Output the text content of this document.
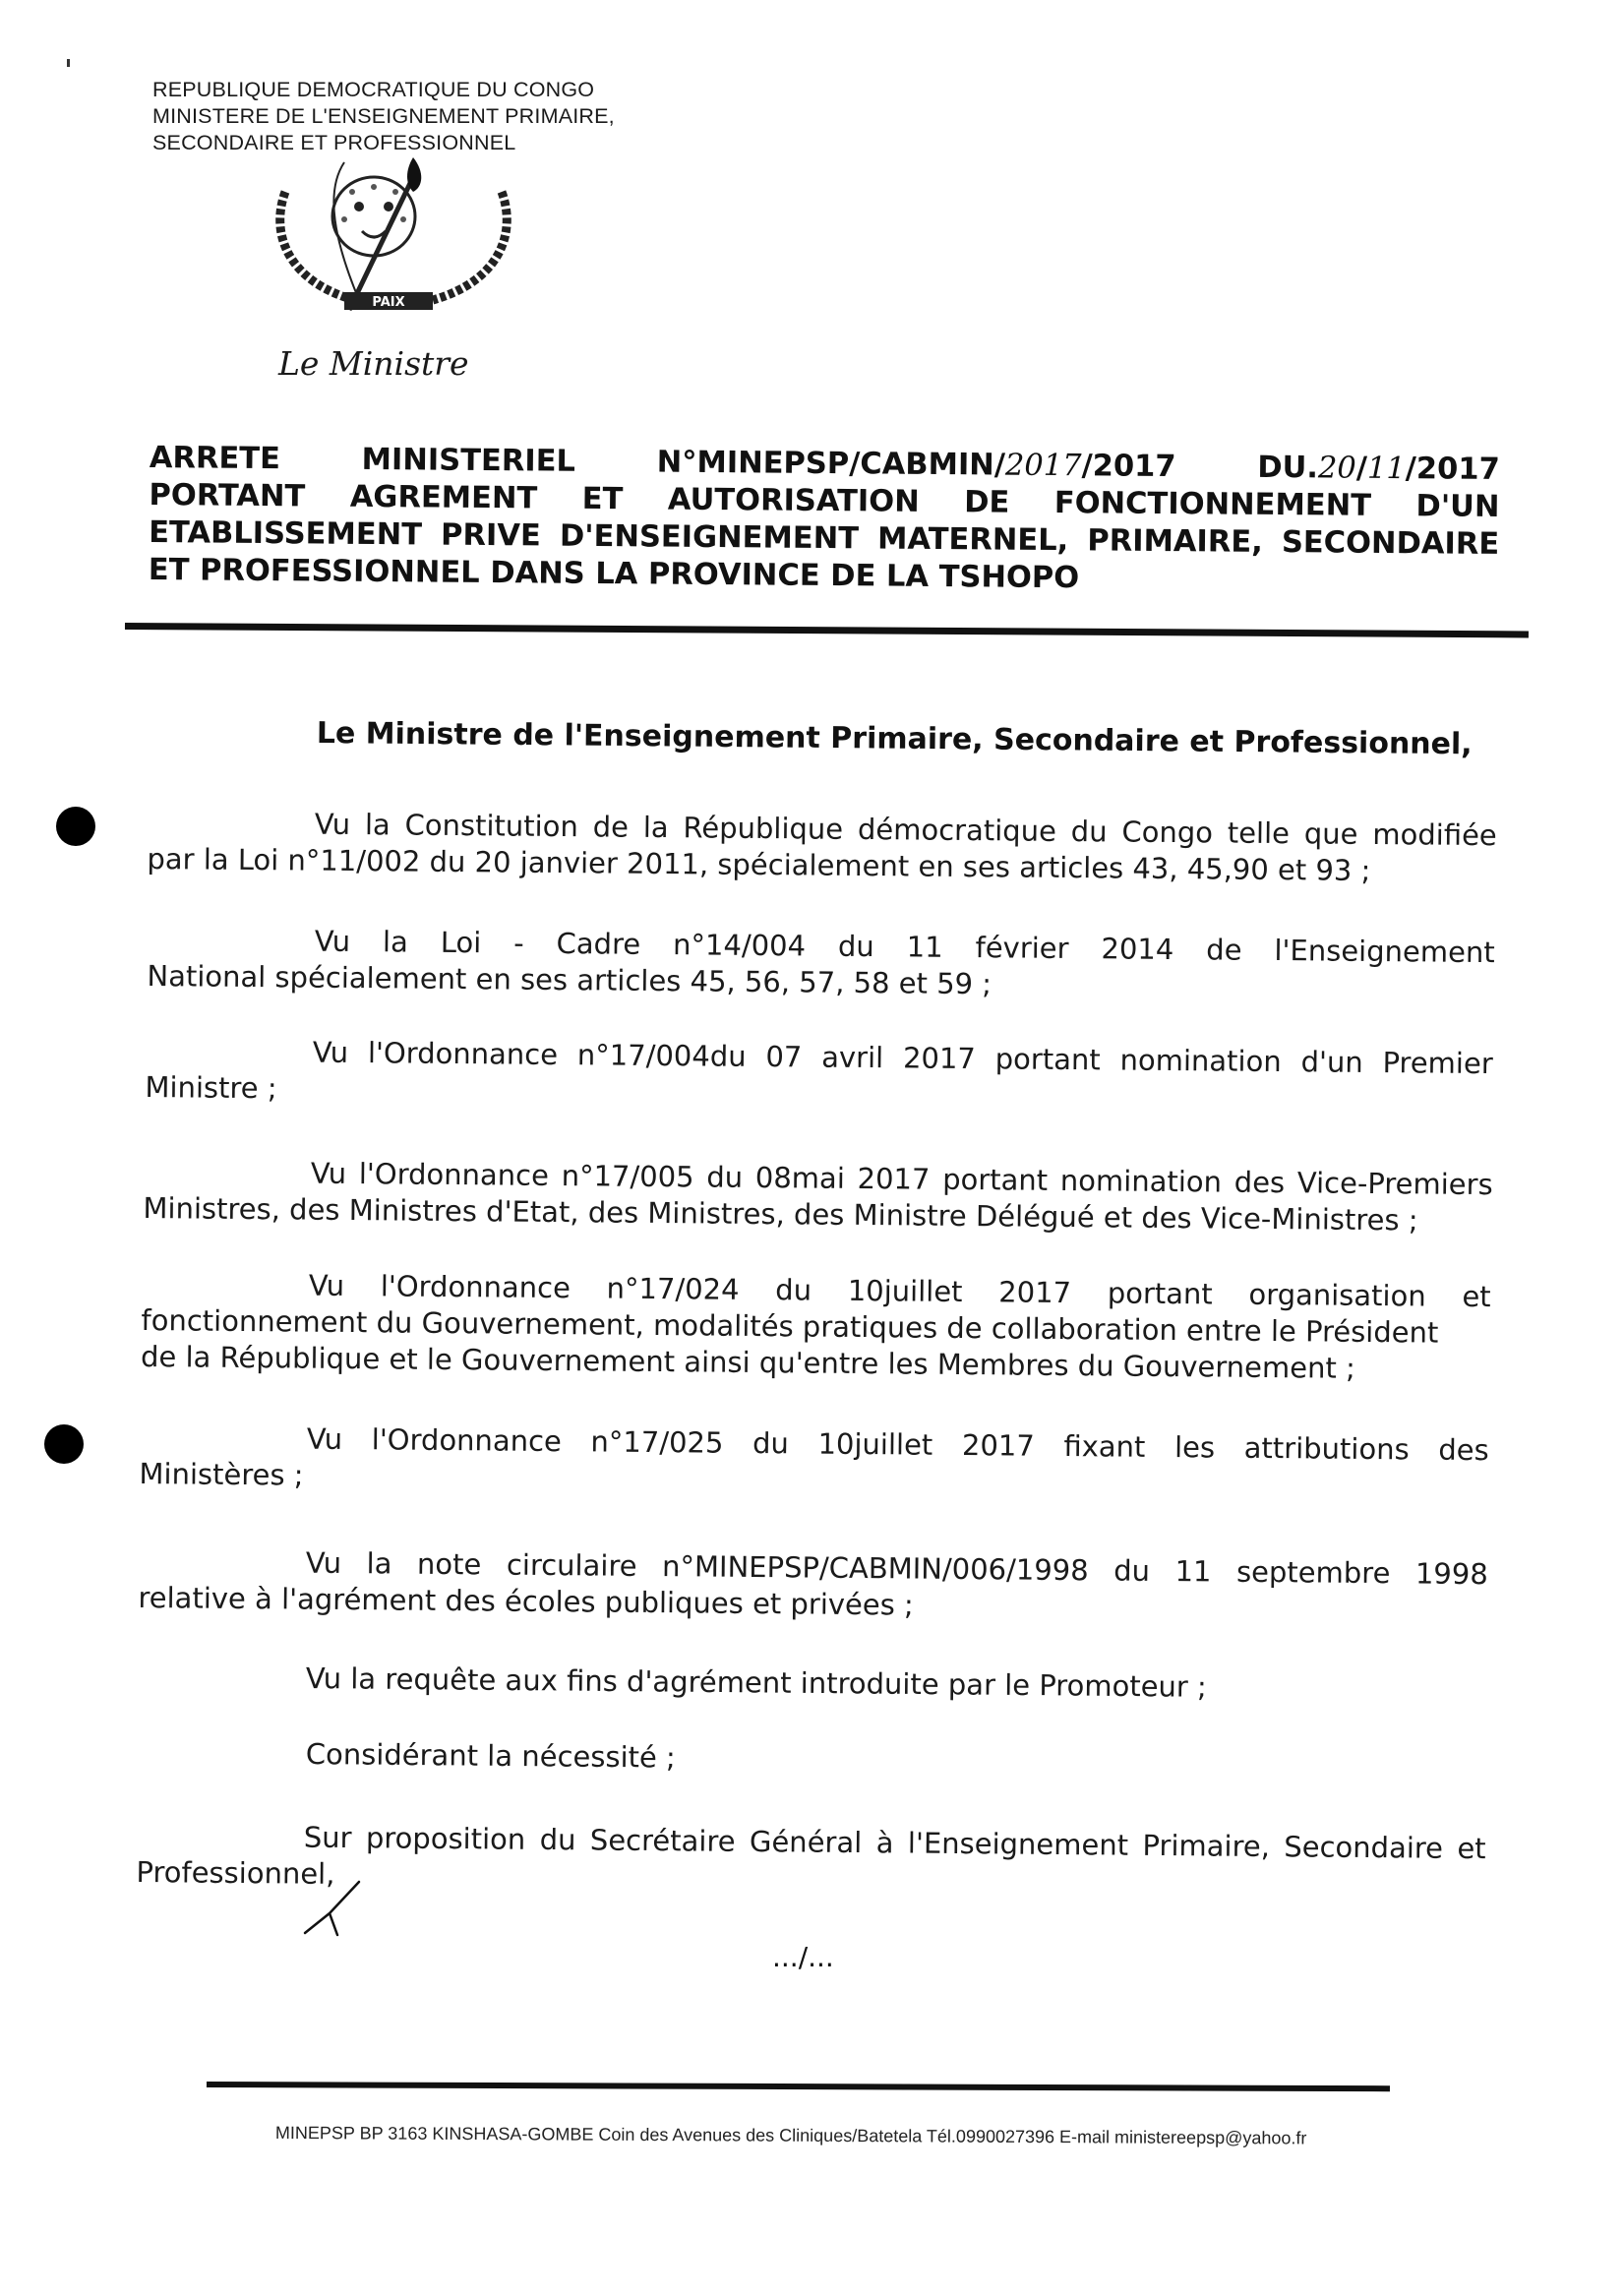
REPUBLIQUE DEMOCRATIQUE DU CONGO
MINISTERE DE L'ENSEIGNEMENT PRIMAIRE,
SECONDAIRE ET PROFESSIONNEL
PAIX
Le Ministre
ARRETE	MINISTERIEL	N°MINEPSP/CABMIN/2017/2017	DU.20/11/2017
PORTANT AGREMENT ET AUTORISATION DE FONCTIONNEMENT D'UN
ETABLISSEMENT PRIVE D'ENSEIGNEMENT MATERNEL, PRIMAIRE, SECONDAIRE
ET PROFESSIONNEL DANS LA PROVINCE DE LA TSHOPO
Le Ministre de l'Enseignement Primaire, Secondaire et Professionnel,
Vu la Constitution de la République démocratique du Congo telle que modifiée
par la Loi n°11/002 du 20 janvier 2011, spécialement en ses articles 43, 45,90 et 93 ;
Vu la Loi - Cadre n°14/004 du 11 février 2014 de l'Enseignement
National spécialement en ses articles 45, 56, 57, 58 et 59 ;
Vu l'Ordonnance n°17/004du 07 avril 2017 portant nomination d'un Premier
Ministre ;
Vu l'Ordonnance n°17/005 du 08mai 2017 portant nomination des Vice-Premiers
Ministres, des Ministres d'Etat, des Ministres, des Ministre Délégué et des Vice-Ministres ;
Vu l'Ordonnance n°17/024 du 10juillet 2017 portant organisation et
fonctionnement du Gouvernement, modalités pratiques de collaboration entre le Président
de la République et le Gouvernement ainsi qu'entre les Membres du Gouvernement ;
Vu l'Ordonnance n°17/025 du 10juillet 2017 fixant les attributions des
Ministères ;
Vu la note circulaire n°MINEPSP/CABMIN/006/1998 du 11 septembre 1998
relative à l'agrément des écoles publiques et privées ;
Vu la requête aux fins d'agrément introduite par le Promoteur ;
Considérant la nécessité ;
Sur proposition du Secrétaire Général à l'Enseignement Primaire, Secondaire et
Professionnel,
.../...
MINEPSP BP 3163 KINSHASA-GOMBE Coin des Avenues des Cliniques/Batetela Tél.0990027396 E-mail ministereepsp@yahoo.fr
